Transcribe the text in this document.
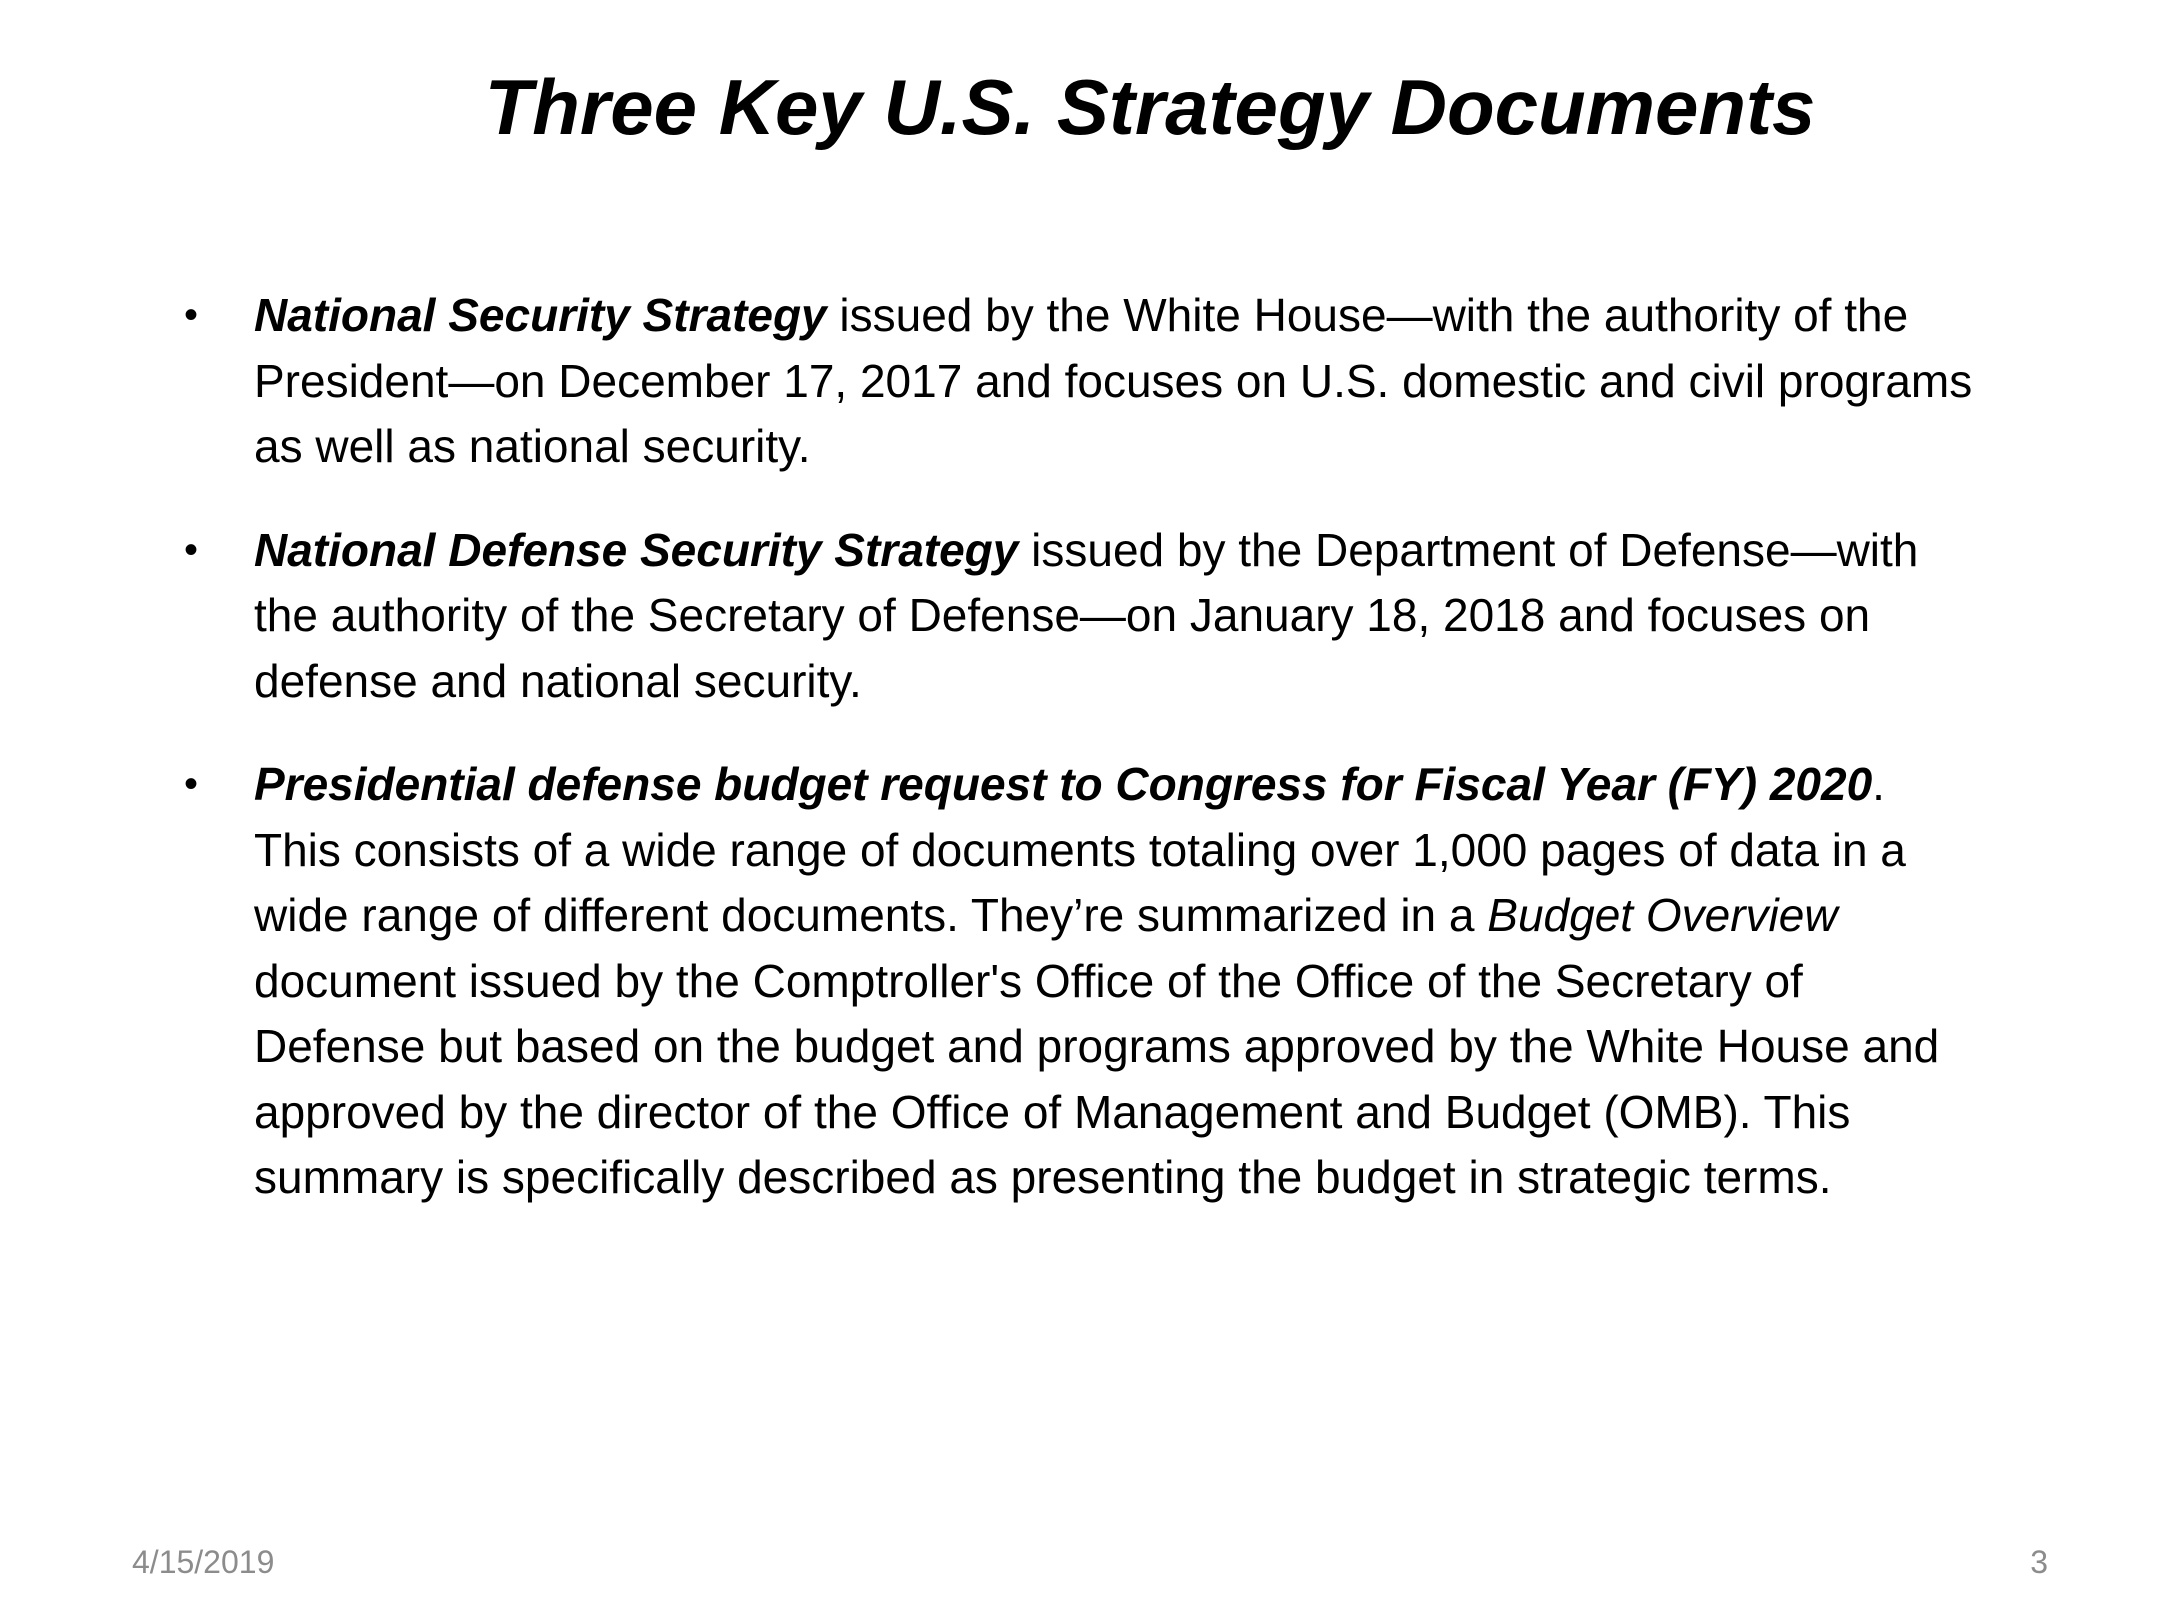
Three Key U.S. Strategy Documents
•	National Security Strategy issued by the White House—with the authority of the President—on December 17, 2017 and focuses on U.S. domestic and civil programs as well as national security.
•	National Defense Security Strategy issued by the Department of Defense—with the authority of the Secretary of Defense—on January 18, 2018 and focuses on defense and national security.
•	Presidential defense budget request to Congress for Fiscal Year (FY) 2020. This consists of a wide range of documents totaling over 1,000 pages of data in a wide range of different documents. They’re summarized in a Budget Overview document issued by the Comptroller's Office of the Office of the Secretary of Defense but based on the budget and programs approved by the White House and approved by the director of the Office of Management and Budget (OMB). This summary is specifically described as presenting the budget in strategic terms.
4/15/2019	3
